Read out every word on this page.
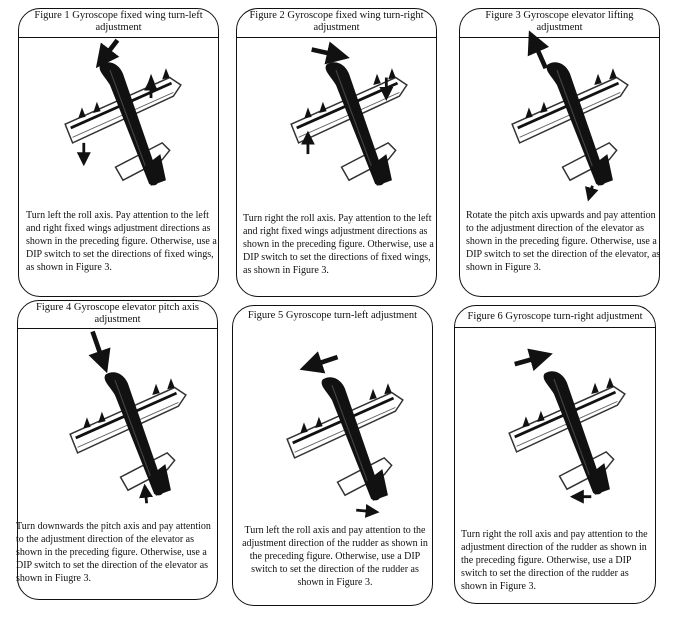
Figure 1 Gyroscope fixed wing turn-left adjustment
Turn left the roll axis. Pay attention to the left and right fixed wings adjustment directions as shown in the preceding figure. Otherwise, use a DIP switch to set the directions of fixed wings, as shown in Figure 3.
Figure 2 Gyroscope fixed wing turn-right adjustment
Turn right the roll axis. Pay attention to the left and right fixed wings adjustment directions as shown in the preceding figure. Otherwise, use a DIP switch to set the directions of fixed wings, as shown in Figure 3.
Figure 3 Gyroscope elevator lifting adjustment
Rotate the pitch axis upwards and pay attention to the adjustment direction of the elevator as shown in the preceding figure. Otherwise, use a DIP switch to set the direction of the elevator, as shown in Figure 3.
Figure 4 Gyroscope elevator pitch axis adjustment
Turn downwards the pitch axis and pay attention to the adjustment direction of the elevator as shown in the preceding figure. Otherwise, use a DIP switch to set the direction of the elevator as shown in Fiugre 3.
Figure 5 Gyroscope turn-left adjustment
Turn left the roll axis and pay attention to the adjustment direction of the rudder as shown in the preceding figure. Otherwise, use a DIP switch to set the direction of the rudder as shown in Figure 3.
Figure 6 Gyroscope turn-right adjustment
Turn right the roll axis and pay attention to the adjustment direction of the rudder as shown in the preceding figure. Otherwise, use a DIP switch to set the direction of the rudder as shown in Figure 3.
